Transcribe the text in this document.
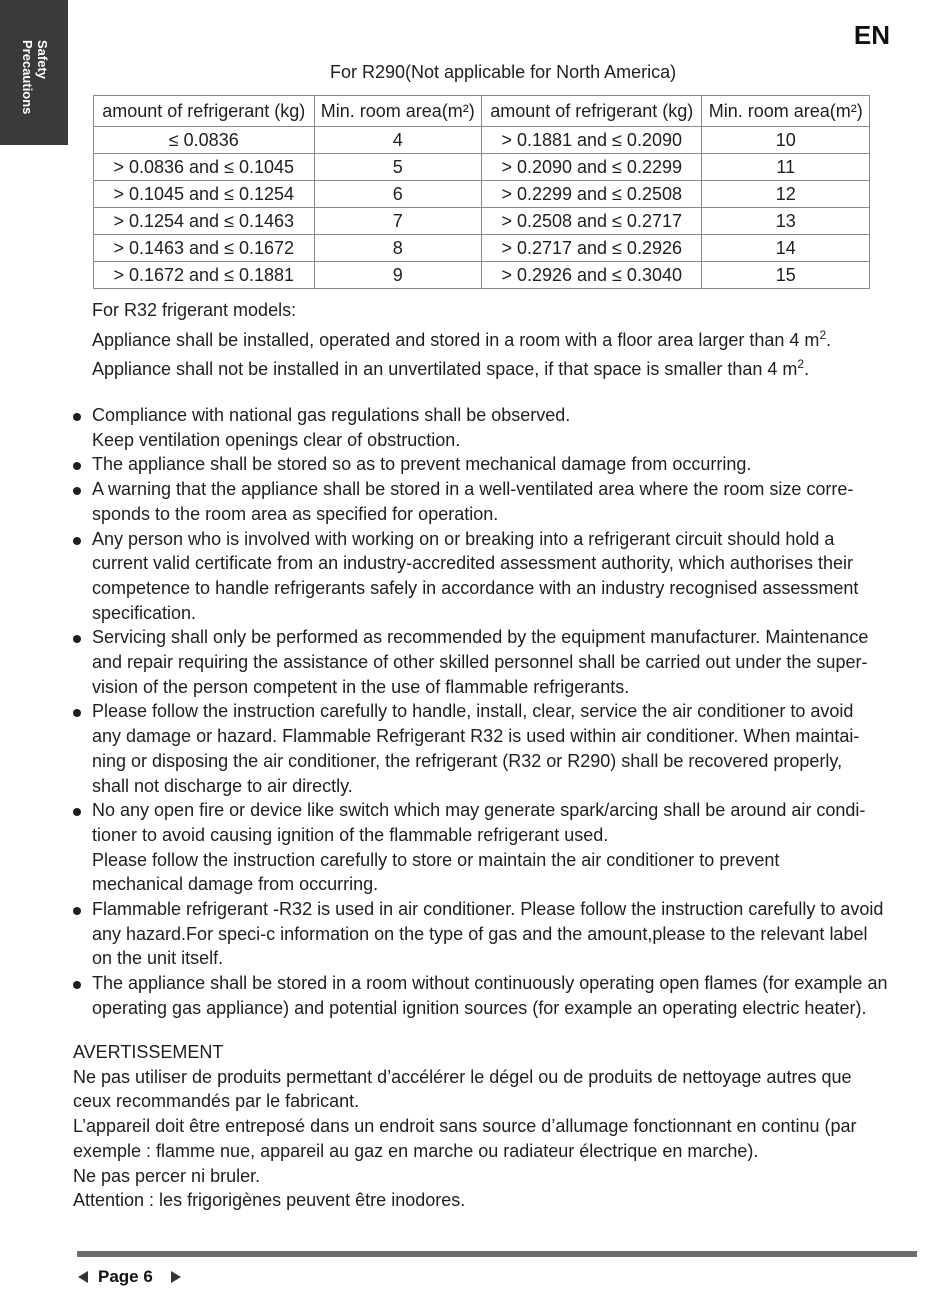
Safety
Precautions
EN
For R290(Not applicable for North America)
amount of refrigerant (kg)	Min. room area(m²)	amount of refrigerant (kg)	Min. room area(m²)
≤ 0.0836	4	> 0.1881 and ≤ 0.2090	10
> 0.0836 and ≤ 0.1045	5	> 0.2090 and ≤ 0.2299	11
> 0.1045 and ≤ 0.1254	6	> 0.2299 and ≤ 0.2508	12
> 0.1254 and ≤ 0.1463	7	> 0.2508 and ≤ 0.2717	13
> 0.1463 and ≤ 0.1672	8	> 0.2717 and ≤ 0.2926	14
> 0.1672 and ≤ 0.1881	9	> 0.2926 and ≤ 0.3040	15

For R32 frigerant models:

Appliance shall be installed, operated and stored in a room with a floor area larger than 4 $m^2$.

Appliance shall not be installed in an unvertilated space, if that space is smaller than 4 $m^2$.

Compliance with national gas regulations shall be observed.
Keep ventilation openings clear of obstruction.
The appliance shall be stored so as to prevent mechanical damage from occurring.
A warning that the appliance shall be stored in a well-ventilated area where the room size corre-
sponds to the room area as specified for operation.
Any person who is involved with working on or breaking into a refrigerant circuit should hold a
current valid certificate from an industry-accredited assessment authority, which authorises their
competence to handle refrigerants safely in accordance with an industry recognised assessment
specification.
Servicing shall only be performed as recommended by the equipment manufacturer. Maintenance
and repair requiring the assistance of other skilled personnel shall be carried out under the super-
vision of the person competent in the use of flammable refrigerants.
Please follow the instruction carefully to handle, install, clear, service the air conditioner to avoid
any damage or hazard. Flammable Refrigerant R32 is used within air conditioner. When maintai-
ning or disposing the air conditioner, the refrigerant (R32 or R290) shall be recovered properly,
shall not discharge to air directly.
No any open fire or device like switch which may generate spark/arcing shall be around air condi-
tioner to avoid causing ignition of the flammable refrigerant used.
Please follow the instruction carefully to store or maintain the air conditioner to prevent
mechanical damage from occurring.
Flammable refrigerant -R32 is used in air conditioner. Please follow the instruction carefully to avoid
any hazard.For speci-c information on the type of gas and the amount,please to the relevant label
on the unit itself.
The appliance shall be stored in a room without continuously operating open flames (for example an
operating gas appliance) and potential ignition sources (for example an operating electric heater).

AVERTISSEMENT

Ne pas utiliser de produits permettant d’accélérer le dégel ou de produits de nettoyage autres que

ceux recommandés par le fabricant.

L’appareil doit être entreposé dans un endroit sans source d’allumage fonctionnant en continu (par

exemple : flamme nue, appareil au gaz en marche ou radiateur électrique en marche).

Ne pas percer ni bruler.

Attention : les frigorigènes peuvent être inodores.

Page 6
